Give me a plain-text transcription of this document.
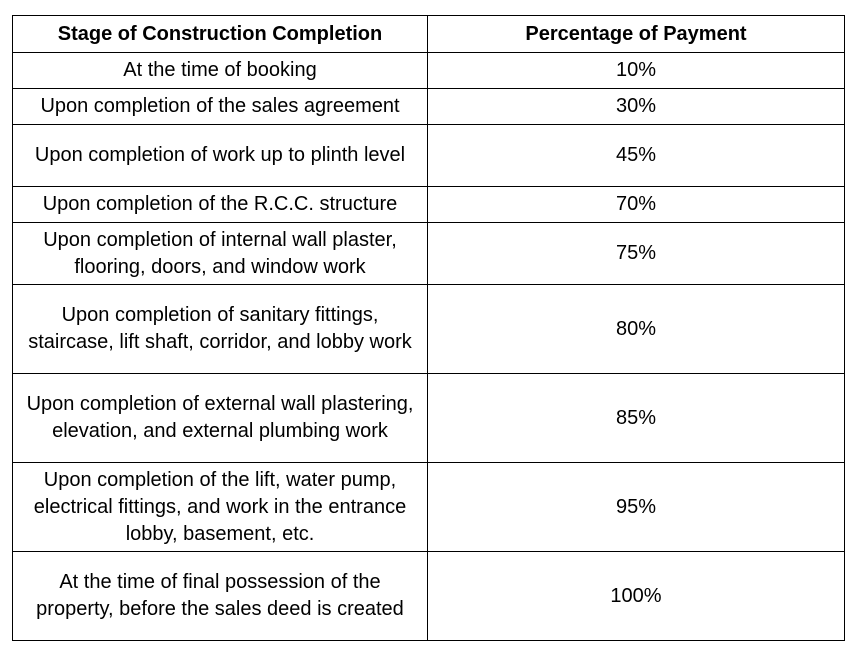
Stage of Construction Completion	Percentage of Payment
At the time of booking	10%
Upon completion of the sales agreement	30%
Upon completion of work up to plinth level	45%
Upon completion of the R.C.C. structure	70%
Upon completion of internal wall plaster, flooring, doors, and window work	75%
Upon completion of sanitary fittings, staircase, lift shaft, corridor, and lobby work	80%
Upon completion of external wall plastering, elevation, and external plumbing work	85%
Upon completion of the lift, water pump, electrical fittings, and work in the entrance lobby, basement, etc.	95%
At the time of final possession of the property, before the sales deed is created	100%
